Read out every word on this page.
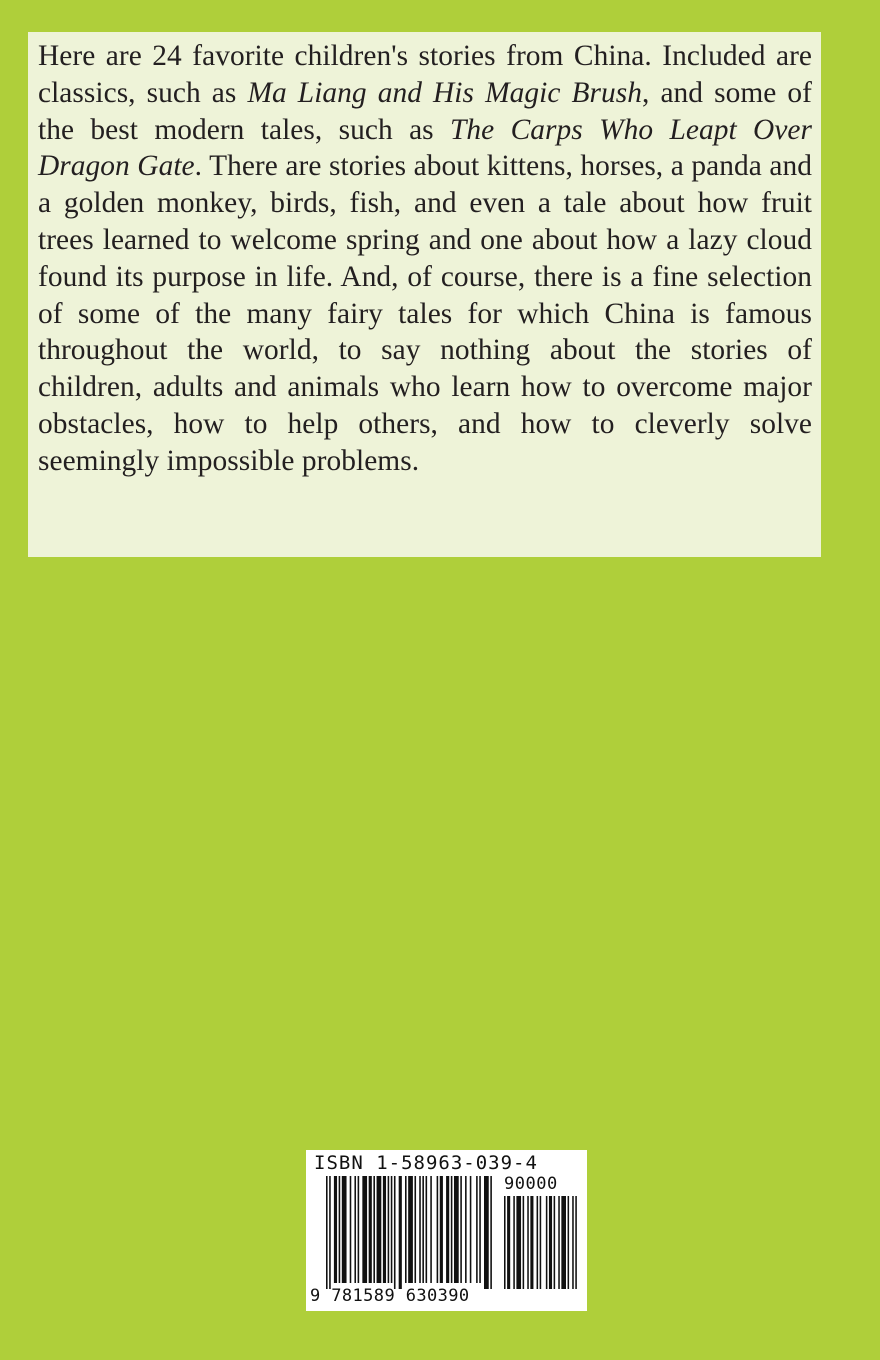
Here are 24 favorite children's stories from China. Included are classics, such as Ma Liang and His Magic Brush, and some of the best modern tales, such as The Carps Who Leapt Over Dragon Gate. There are stories about kittens, horses, a panda and a golden monkey, birds, fish, and even a tale about how fruit trees learned to welcome spring and one about how a lazy cloud found its purpose in life. And, of course, there is a fine selection of some of the many fairy tales for which China is famous throughout the world, to say nothing about the stories of children, adults and animals who learn how to overcome major obstacles, how to help others, and how to cleverly solve seemingly impossible problems.

ISBN 1-58963-039-4
90000
9 781589 630390
